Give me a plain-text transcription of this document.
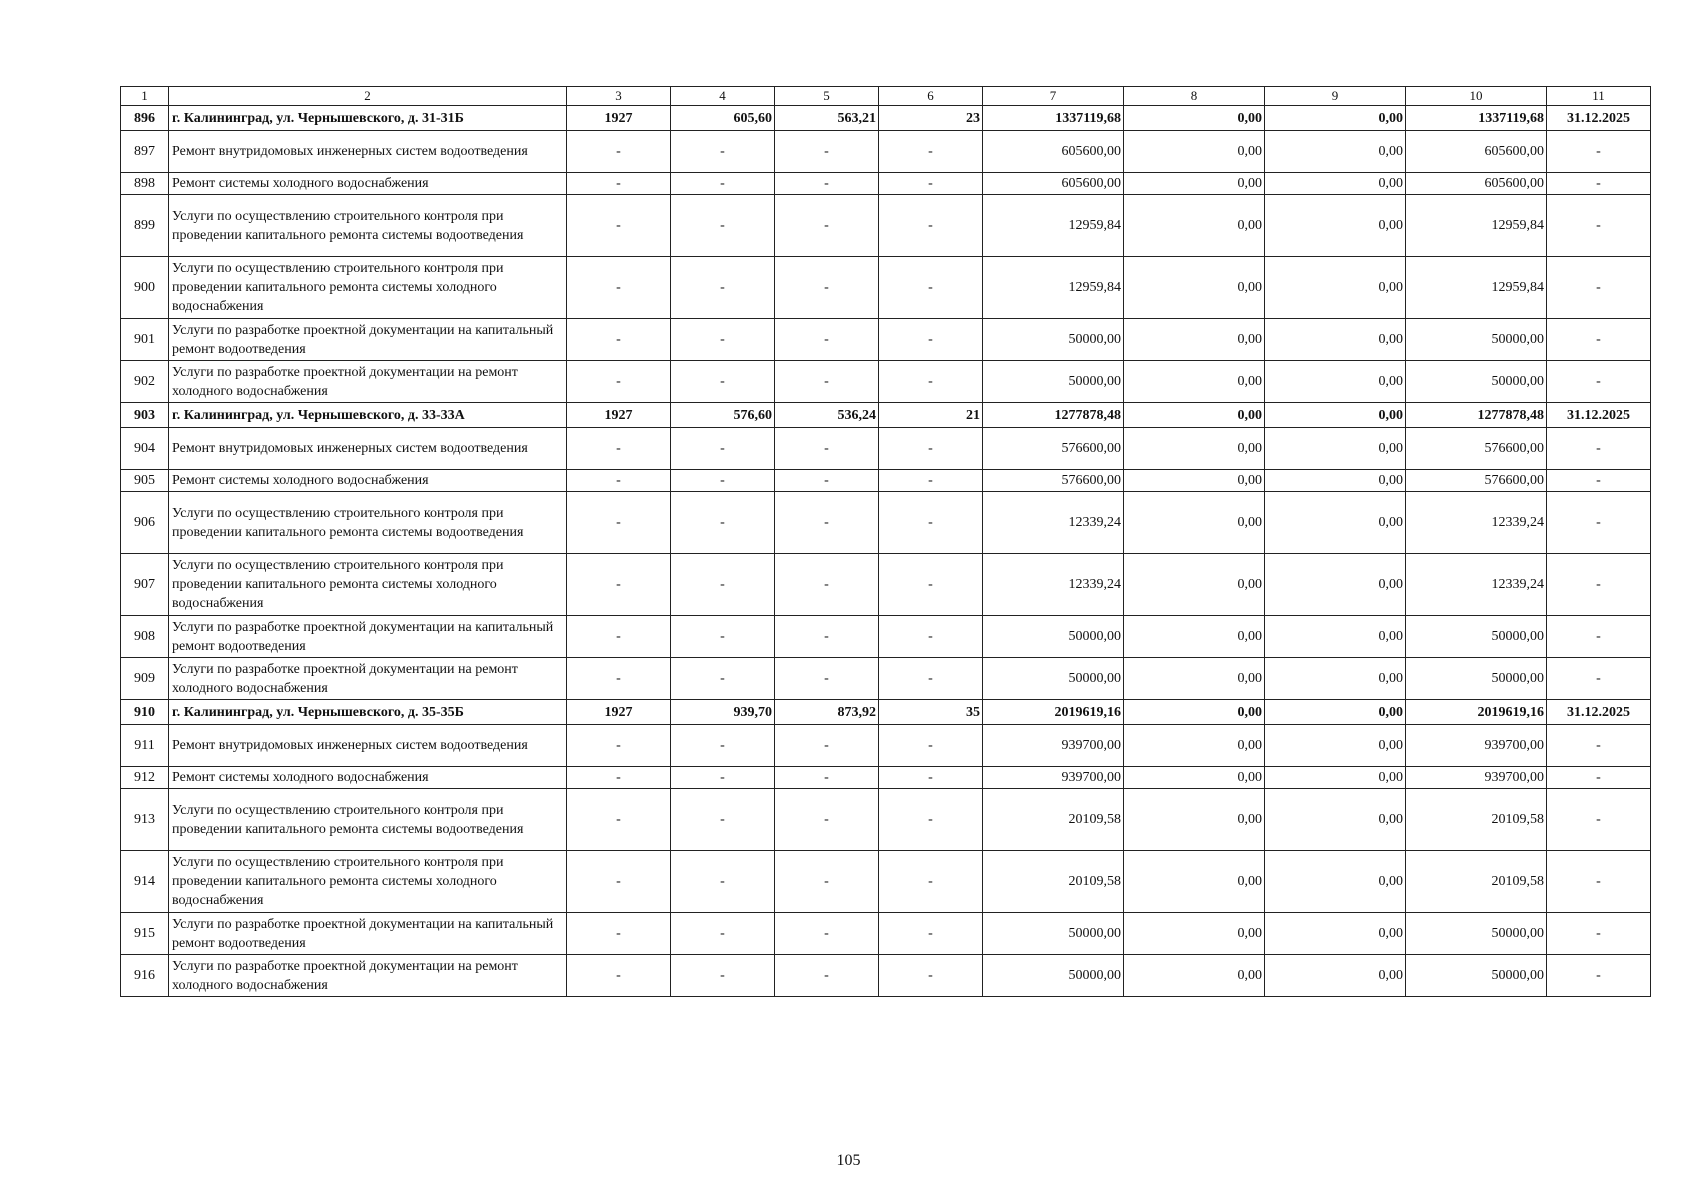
1	2	3	4	5	6	7	8	9	10	11
896	г. Калининград, ул. Чернышевского, д. 31-31Б	1927	605,60	563,21	23	1337119,68	0,00	0,00	1337119,68	31.12.2025
897	Ремонт внутридомовых инженерных систем водоотведения	-	-	-	-	605600,00	0,00	0,00	605600,00	-
898	Ремонт системы холодного водоснабжения	-	-	-	-	605600,00	0,00	0,00	605600,00	-
899	Услуги по осуществлению строительного контроля при проведении капитального ремонта системы водоотведения	-	-	-	-	12959,84	0,00	0,00	12959,84	-
900	Услуги по осуществлению строительного контроля при проведении капитального ремонта системы холодного водоснабжения	-	-	-	-	12959,84	0,00	0,00	12959,84	-
901	Услуги по разработке проектной документации на капитальный ремонт водоотведения	-	-	-	-	50000,00	0,00	0,00	50000,00	-
902	Услуги по разработке проектной документации на ремонт холодного водоснабжения	-	-	-	-	50000,00	0,00	0,00	50000,00	-
903	г. Калининград, ул. Чернышевского, д. 33-33А	1927	576,60	536,24	21	1277878,48	0,00	0,00	1277878,48	31.12.2025
904	Ремонт внутридомовых инженерных систем водоотведения	-	-	-	-	576600,00	0,00	0,00	576600,00	-
905	Ремонт системы холодного водоснабжения	-	-	-	-	576600,00	0,00	0,00	576600,00	-
906	Услуги по осуществлению строительного контроля при проведении капитального ремонта системы водоотведения	-	-	-	-	12339,24	0,00	0,00	12339,24	-
907	Услуги по осуществлению строительного контроля при проведении капитального ремонта системы холодного водоснабжения	-	-	-	-	12339,24	0,00	0,00	12339,24	-
908	Услуги по разработке проектной документации на капитальный ремонт водоотведения	-	-	-	-	50000,00	0,00	0,00	50000,00	-
909	Услуги по разработке проектной документации на ремонт холодного водоснабжения	-	-	-	-	50000,00	0,00	0,00	50000,00	-
910	г. Калининград, ул. Чернышевского, д. 35-35Б	1927	939,70	873,92	35	2019619,16	0,00	0,00	2019619,16	31.12.2025
911	Ремонт внутридомовых инженерных систем водоотведения	-	-	-	-	939700,00	0,00	0,00	939700,00	-
912	Ремонт системы холодного водоснабжения	-	-	-	-	939700,00	0,00	0,00	939700,00	-
913	Услуги по осуществлению строительного контроля при проведении капитального ремонта системы водоотведения	-	-	-	-	20109,58	0,00	0,00	20109,58	-
914	Услуги по осуществлению строительного контроля при проведении капитального ремонта системы холодного водоснабжения	-	-	-	-	20109,58	0,00	0,00	20109,58	-
915	Услуги по разработке проектной документации на капитальный ремонт водоотведения	-	-	-	-	50000,00	0,00	0,00	50000,00	-
916	Услуги по разработке проектной документации на ремонт холодного водоснабжения	-	-	-	-	50000,00	0,00	0,00	50000,00	-
105
